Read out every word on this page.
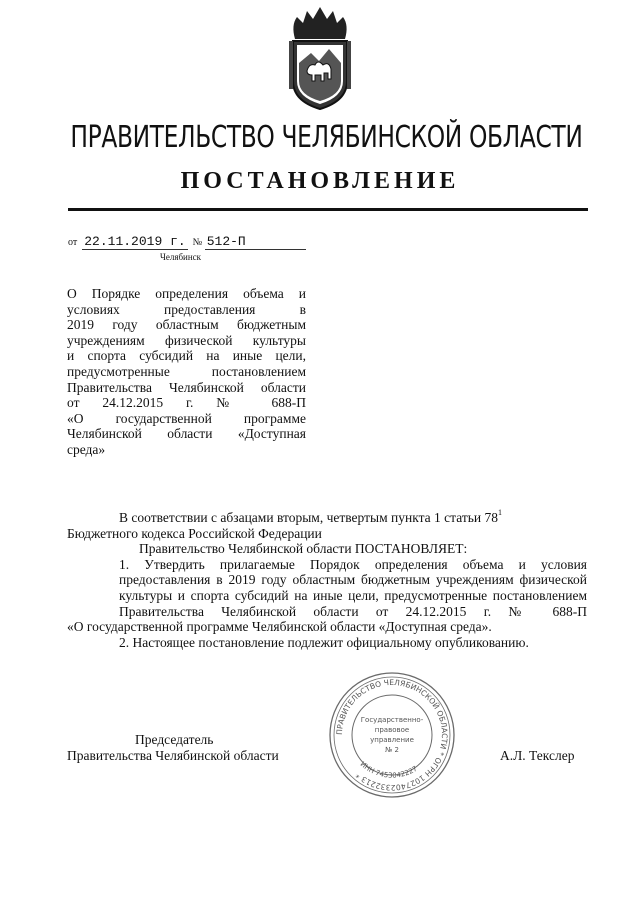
ПРАВИТЕЛЬСТВО ЧЕЛЯБИНСКОЙ ОБЛАСТИ
ПОСТАНОВЛЕНИЕ
от 22.11.2019 г. № 512-П
Челябинск
О Порядке определения объема и
условиях предоставления в
2019 году областным бюджетным
учреждениям физической культуры
и спорта субсидий на иные цели,
предусмотренные постановлением
Правительства Челябинской области
от 24.12.2015 г. № 688-П
«О государственной программе
Челябинской области «Доступная
среда»

В соответствии с абзацами вторым, четвертым пункта 1 статьи $78^1$
Бюджетного кодекса Российской Федерации

Правительство Челябинской области ПОСТАНОВЛЯЕТ:

1. Утвердить прилагаемые Порядок определения объема и условия
предоставления в 2019 году областным бюджетным учреждениям физической
культуры и спорта субсидий на иные цели, предусмотренные постановлением
Правительства Челябинской области от 24.12.2015 г. № 688-П
«О государственной программе Челябинской области «Доступная среда».

2. Настоящее постановление подлежит официальному опубликованию.

Председатель
Правительства Челябинской области	А.Л. Текслер
ПРАВИТЕЛЬСТВО ЧЕЛЯБИНСКОЙ ОБЛАСТИ * ОГРН 1027402332213 *
ИНН 7453042227
Государственно-
правовое
управление
№ 2
